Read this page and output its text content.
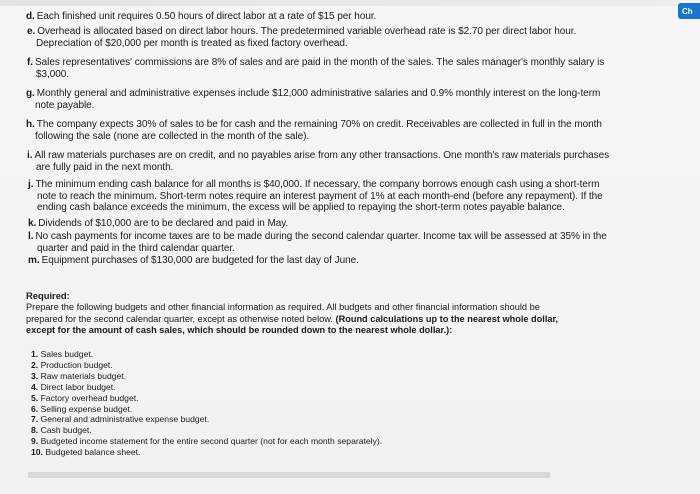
Ch
d. Each finished unit requires 0.50 hours of direct labor at a rate of $15 per hour.
e. Overhead is allocated based on direct labor hours. The predetermined variable overhead rate is $2.70 per direct labor hour.
Depreciation of $20,000 per month is treated as fixed factory overhead.
f. Sales representatives' commissions are 8% of sales and are paid in the month of the sales. The sales manager's monthly salary is
$3,000.
g. Monthly general and administrative expenses include $12,000 administrative salaries and 0.9% monthly interest on the long-term
note payable.
h. The company expects 30% of sales to be for cash and the remaining 70% on credit. Receivables are collected in full in the month
following the sale (none are collected in the month of the sale).
i. All raw materials purchases are on credit, and no payables arise from any other transactions. One month's raw materials purchases
are fully paid in the next month.
j. The minimum ending cash balance for all months is $40,000. If necessary, the company borrows enough cash using a short-term
note to reach the minimum. Short-term notes require an interest payment of 1% at each month-end (before any repayment). If the
ending cash balance exceeds the minimum, the excess will be applied to repaying the short-term notes payable balance.
k. Dividends of $10,000 are to be declared and paid in May.
l. No cash payments for income taxes are to be made during the second calendar quarter. Income tax will be assessed at 35% in the
quarter and paid in the third calendar quarter.
m. Equipment purchases of $130,000 are budgeted for the last day of June.
Required:
Prepare the following budgets and other financial information as required. All budgets and other financial information should be
prepared for the second calendar quarter, except as otherwise noted below. (Round calculations up to the nearest whole dollar,
except for the amount of cash sales, which should be rounded down to the nearest whole dollar.):
1. Sales budget.
2. Production budget.
3. Raw materials budget.
4. Direct labor budget.
5. Factory overhead budget.
6. Selling expense budget.
7. General and administrative expense budget.
8. Cash budget.
9. Budgeted income statement for the entire second quarter (not for each month separately).
10. Budgeted balance sheet.
